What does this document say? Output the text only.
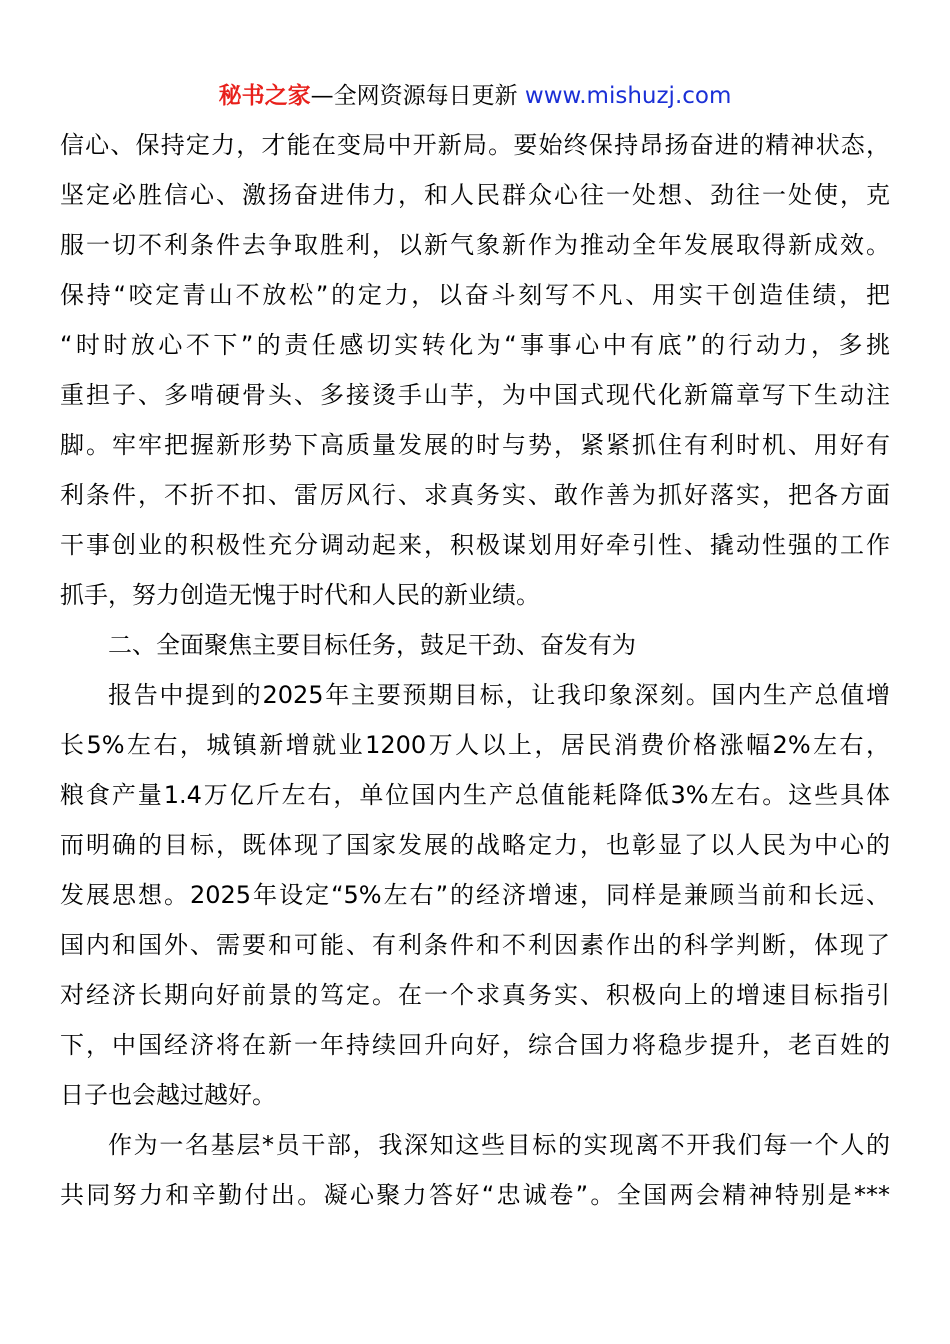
秘书之家—全网资源每日更新 www.mishuzj.com
信心、保持定力，才能在变局中开新局。要始终保持昂扬奋进的精神状态，
坚定必胜信心、激扬奋进伟力，和人民群众心往一处想、劲往一处使，克
服一切不利条件去争取胜利，以新气象新作为推动全年发展取得新成效。
保持“咬定青山不放松”的定力，以奋斗刻写不凡、用实干创造佳绩，把
“时时放心不下”的责任感切实转化为“事事心中有底”的行动力，多挑
重担子、多啃硬骨头、多接烫手山芋，为中国式现代化新篇章写下生动注
脚。牢牢把握新形势下高质量发展的时与势，紧紧抓住有利时机、用好有
利条件，不折不扣、雷厉风行、求真务实、敢作善为抓好落实，把各方面
干事创业的积极性充分调动起来，积极谋划用好牵引性、撬动性强的工作
抓手，努力创造无愧于时代和人民的新业绩。
二、全面聚焦主要目标任务，鼓足干劲、奋发有为
报告中提到的2025年主要预期目标，让我印象深刻。国内生产总值增
长5%左右，城镇新增就业1200万人以上，居民消费价格涨幅2%左右，
粮食产量1.4万亿斤左右，单位国内生产总值能耗降低3%左右。这些具体
而明确的目标，既体现了国家发展的战略定力，也彰显了以人民为中心的
发展思想。2025年设定“5%左右”的经济增速，同样是兼顾当前和长远、
国内和国外、需要和可能、有利条件和不利因素作出的科学判断，体现了
对经济长期向好前景的笃定。在一个求真务实、积极向上的增速目标指引
下，中国经济将在新一年持续回升向好，综合国力将稳步提升，老百姓的
日子也会越过越好。
作为一名基层*员干部，我深知这些目标的实现离不开我们每一个人的
共同努力和辛勤付出。凝心聚力答好“忠诚卷”。全国两会精神特别是***
